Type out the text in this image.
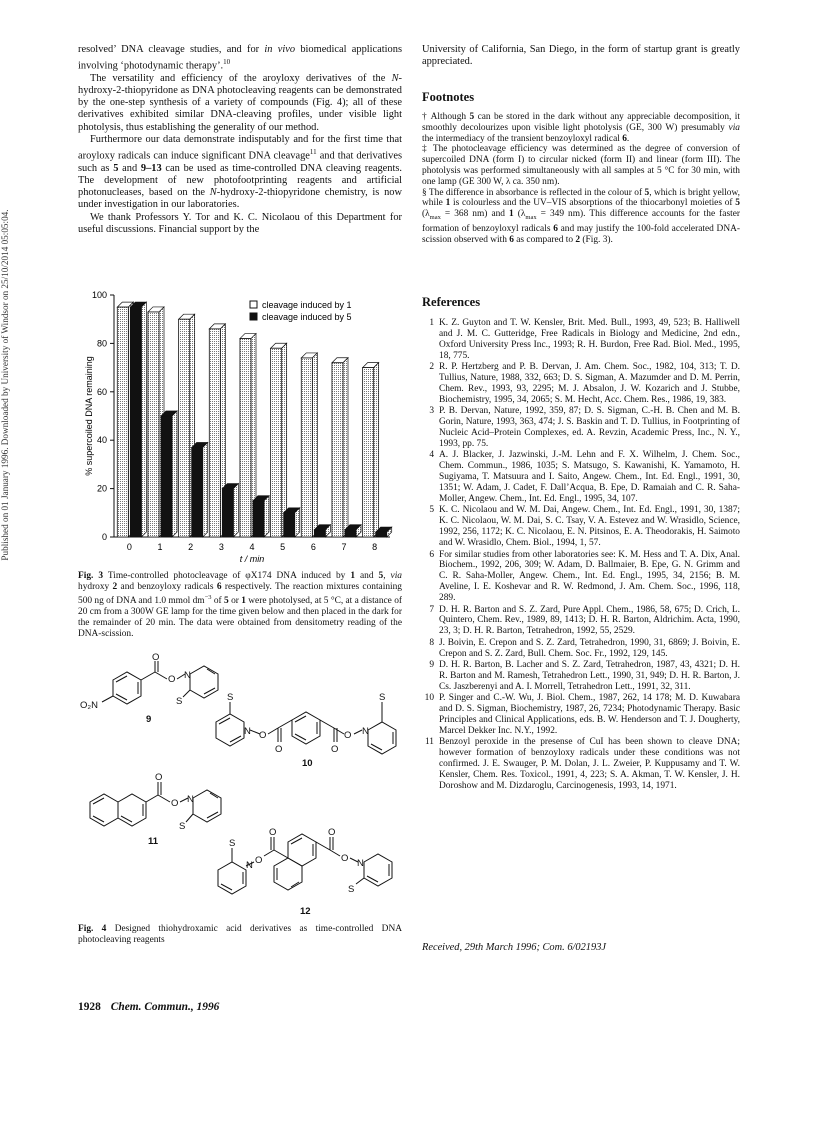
Published on 01 January 1996. Downloaded by University of Windsor on 25/10/2014 05:05:04.

resolved’ DNA cleavage studies, and for in vivo biomedical applications involving ‘photodynamic therapy’.$^{10}$

The versatility and efficiency of the aroyloxy derivatives of the N-hydroxy-2-thiopyridone as DNA photocleaving reagents can be demonstrated by the one-step synthesis of a variety of compounds (Fig. 4); all of these derivatives exhibited similar DNA-cleaving profiles, under visible light photolysis, thus establishing the generality of our method.

Furthermore our data demonstrate indisputably and for the first time that aroyloxy radicals can induce significant DNA cleavage$^{11}$ and that derivatives such as 5 and 9–13 can be used as time-controlled DNA cleaving reagents. The development of new photofootprinting reagents and artificial photonucleases, based on the N-hydroxy-2-thiopyridone chemistry, is now under investigation in our laboratories.

We thank Professors Y. Tor and K. C. Nicolaou of this Department for useful discussions. Financial support by the

0
20
40
60
80
100
% supercoiled DNA remaining
0	1	2	3	4	5	6	7	8
t / min
cleavage induced by 1
cleavage induced by 5
Fig. 3 Time-controlled photocleavage of φX174 DNA induced by 1 and 5, via hydroxy 2 and benzoyloxy radicals 6 respectively. The reaction mixtures containing 500 ng of DNA and 1.0 mmol $dm^{-3}$ of 5 or 1 were photolysed, at 5 °C, at a distance of 20 cm from a 300W GE lamp for the time given below and then placed in the dark for the remainder of 20 min. The data were obtained from densitometry reading of the DNA-scission.
O
O N
S
O₂N
9
S
N O
O	O
O N
S
10
O
O N
S
11	S
N O
O	O
O N
S
12
Fig. 4 Designed thiohydroxamic acid derivatives as time-controlled DNA photocleaving reagents

University of California, San Diego, in the form of startup grant is greatly appreciated.

Footnotes

† Although 5 can be stored in the dark without any appreciable decomposition, it smoothly decolourizes upon visible light photolysis (GE, 300 W) presumably via the intermediacy of the transient benzoyloxyl radical 6.

‡ The photocleavage efficiency was determined as the degree of conversion of supercoiled DNA (form I) to circular nicked (form II) and linear (form III). The photolysis was performed simultaneously with all samples at 5 °C for 30 min, with one lamp (GE 300 W, λ ca. 350 nm).

§ The difference in absorbance is reflected in the colour of 5, which is bright yellow, while 1 is colourless and the UV–VIS absorptions of the thiocarbonyl moieties of 5 ($\lambda_{max} = 368$ nm) and 1 ($\lambda_{max} = 349$ nm). This difference accounts for the faster formation of benzoyloxyl radicals 6 and may justify the 100-fold accelerated DNA-scission observed with 6 as compared to 2 (Fig. 3).

References
1 K. Z. Guyton and T. W. Kensler, Brit. Med. Bull., 1993, 49, 523; B. Halliwell and J. M. C. Gutteridge, Free Radicals in Biology and Medicine, 2nd edn., Oxford University Press Inc., 1993; R. H. Burdon, Free Rad. Biol. Med., 1995, 18, 775.
2 R. P. Hertzberg and P. B. Dervan, J. Am. Chem. Soc., 1982, 104, 313; T. D. Tullius, Nature, 1988, 332, 663; D. S. Sigman, A. Mazumder and D. M. Perrin, Chem. Rev., 1993, 93, 2295; M. J. Absalon, J. W. Kozarich and J. Stubbe, Biochemistry, 1995, 34, 2065; S. M. Hecht, Acc. Chem. Res., 1986, 19, 383.
3 P. B. Dervan, Nature, 1992, 359, 87; D. S. Sigman, C.-H. B. Chen and M. B. Gorin, Nature, 1993, 363, 474; J. S. Baskin and T. D. Tullius, in Footprinting of Nucleic Acid–Protein Complexes, ed. A. Revzin, Academic Press, Inc., N. Y., 1993, pp. 75.
4 A. J. Blacker, J. Jazwinski, J.-M. Lehn and F. X. Wilhelm, J. Chem. Soc., Chem. Commun., 1986, 1035; S. Matsugo, S. Kawanishi, K. Yamamoto, H. Sugiyama, T. Matsuura and I. Saito, Angew. Chem., Int. Ed. Engl., 1991, 30, 1351; W. Adam, J. Cadet, F. Dall’Acqua, B. Epe, D. Ramaiah and C. R. Saha-Moller, Angew. Chem., Int. Ed. Engl., 1995, 34, 107.
5 K. C. Nicolaou and W. M. Dai, Angew. Chem., Int. Ed. Engl., 1991, 30, 1387; K. C. Nicolaou, W. M. Dai, S. C. Tsay, V. A. Estevez and W. Wrasidlo, Science, 1992, 256, 1172; K. C. Nicolaou, E. N. Pitsinos, E. A. Theodorakis, H. Saimoto and W. Wrasidlo, Chem. Biol., 1994, 1, 57.
6 For similar studies from other laboratories see: K. M. Hess and T. A. Dix, Anal. Biochem., 1992, 206, 309; W. Adam, D. Ballmaier, B. Epe, G. N. Grimm and C. R. Saha-Moller, Angew. Chem., Int. Ed. Engl., 1995, 34, 2156; B. M. Aveline, I. E. Koshevar and R. W. Redmond, J. Am. Chem. Soc., 1996, 118, 289.
7 D. H. R. Barton and S. Z. Zard, Pure Appl. Chem., 1986, 58, 675; D. Crich, L. Quintero, Chem. Rev., 1989, 89, 1413; D. H. R. Barton, Aldrichim. Acta, 1990, 23, 3; D. H. R. Barton, Tetrahedron, 1992, 55, 2529.
8 J. Boivin, E. Crepon and S. Z. Zard, Tetrahedron, 1990, 31, 6869; J. Boivin, E. Crepon and S. Z. Zard, Bull. Chem. Soc. Fr., 1992, 129, 145.
9 D. H. R. Barton, B. Lacher and S. Z. Zard, Tetrahedron, 1987, 43, 4321; D. H. R. Barton and M. Ramesh, Tetrahedron Lett., 1990, 31, 949; D. H. R. Barton, J. Cs. Jaszberenyi and A. I. Morrell, Tetrahedron Lett., 1991, 32, 311.
10 P. Singer and C.-W. Wu, J. Biol. Chem., 1987, 262, 14 178; M. D. Kuwabara and D. S. Sigman, Biochemistry, 1987, 26, 7234; Photodynamic Therapy. Basic Principles and Clinical Applications, eds. B. W. Henderson and T. J. Dougherty, Marcel Dekker Inc. N.Y., 1992.
11 Benzoyl peroxide in the presense of CuI has been shown to cleave DNA; however formation of benzoyloxy radicals under these conditions was not confirmed. J. E. Swauger, P. M. Dolan, J. L. Zweier, P. Kuppusamy and T. W. Kensler, Chem. Res. Toxicol., 1991, 4, 223; S. A. Akman, T. W. Kensler, J. H. Doroshow and M. Dizdaroglu, Carcinogenesis, 1993, 14, 1971.
Received, 29th March 1996; Com. 6/02193J
1928 Chem. Commun., 1996
